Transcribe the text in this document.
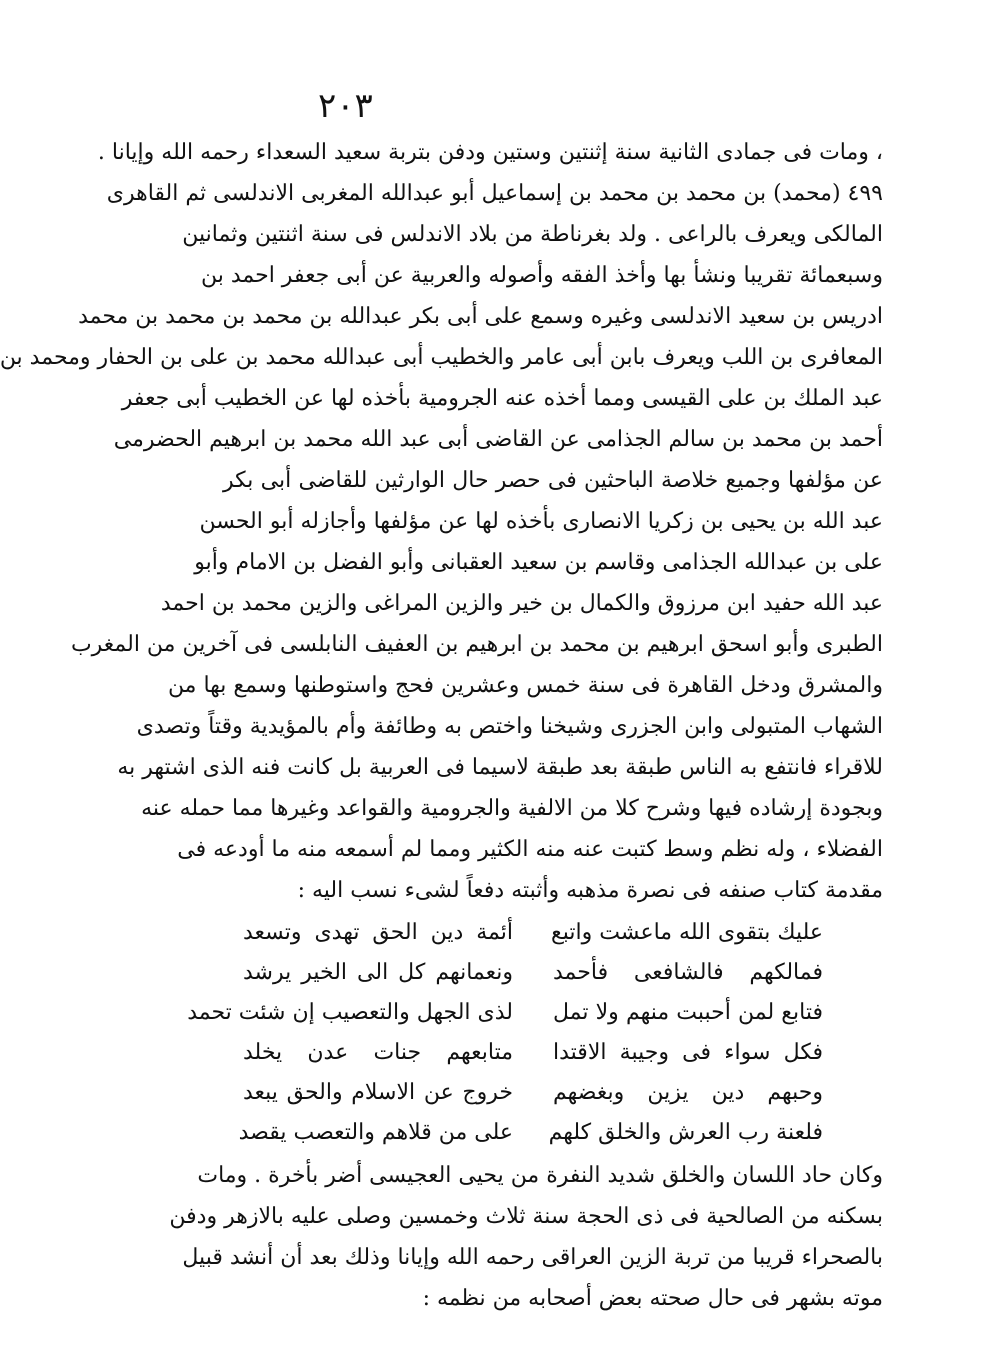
٢٠٣
، ومات فى جمادى الثانية سنة إثنتين وستين ودفن بتربة سعيد السعداء رحمه الله وإيانا .
٤٩٩ (محمد) بن محمد بن محمد بن إسماعيل أبو عبدالله المغربى الاندلسى ثم القاهرى
المالكى ويعرف بالراعى . ولد بغرناطة من بلاد الاندلس فى سنة اثنتين وثمانين
وسبعمائة تقريبا ونشأ بها وأخذ الفقه وأصوله والعربية عن أبى جعفر احمد بن
ادريس بن سعيد الاندلسى وغيره وسمع على أبى بكر عبدالله بن محمد بن محمد بن محمد
المعافرى بن اللب ويعرف بابن أبى عامر والخطيب أبى عبدالله محمد بن على بن الحفار ومحمد بن
عبد الملك بن على القيسى ومما أخذه عنه الجرومية بأخذه لها عن الخطيب أبى جعفر
أحمد بن محمد بن سالم الجذامى عن القاضى أبى عبد الله محمد بن ابرهيم الحضرمى
عن مؤلفها وجميع خلاصة الباحثين فى حصر حال الوارثين للقاضى أبى بكر
عبد الله بن يحيى بن زكريا الانصارى بأخذه لها عن مؤلفها وأجازله أبو الحسن
على بن عبدالله الجذامى وقاسم بن سعيد العقبانى وأبو الفضل بن الامام وأبو
عبد الله حفيد ابن مرزوق والكمال بن خير والزين المراغى والزين محمد بن احمد
الطبرى وأبو اسحق ابرهيم بن محمد بن ابرهيم بن العفيف النابلسى فى آخرين من المغرب
والمشرق ودخل القاهرة فى سنة خمس وعشرين فحج واستوطنها وسمع بها من
الشهاب المتبولى وابن الجزرى وشيخنا واختص به وطائفة وأم بالمؤيدية وقتاً وتصدى
للاقراء فانتفع به الناس طبقة بعد طبقة لاسيما فى العربية بل كانت فنه الذى اشتهر به
وبجودة إرشاده فيها وشرح كلا من الالفية والجرومية والقواعد وغيرها مما حمله عنه
الفضلاء ، وله نظم وسط كتبت عنه منه الكثير ومما لم أسمعه منه ما أودعه فى
مقدمة كتاب صنفه فى نصرة مذهبه وأثبته دفعاً لشىء نسب اليه :
عليك بتقوى الله ماعشت واتبع
أئمة دين الحق تهدى وتسعد
فمالكهم فالشافعى فأحمد
ونعمانهم كل الى الخير يرشد
فتابع لمن أحببت منهم ولا تمل
لذى الجهل والتعصيب إن شئت تحمد
فكل سواء فى وجيبة الاقتدا
متابعهم جنات عدن يخلد
وحبهم دين يزين وبغضهم
خروج عن الاسلام والحق يبعد
فلعنة رب العرش والخلق كلهم
على من قلاهم والتعصب يقصد
وكان حاد اللسان والخلق شديد النفرة من يحيى العجيسى أضر بأخرة . ومات
بسكنه من الصالحية فى ذى الحجة سنة ثلاث وخمسين وصلى عليه بالازهر ودفن
بالصحراء قريبا من تربة الزين العراقى رحمه الله وإيانا وذلك بعد أن أنشد قبيل
موته بشهر فى حال صحته بعض أصحابه من نظمه :
